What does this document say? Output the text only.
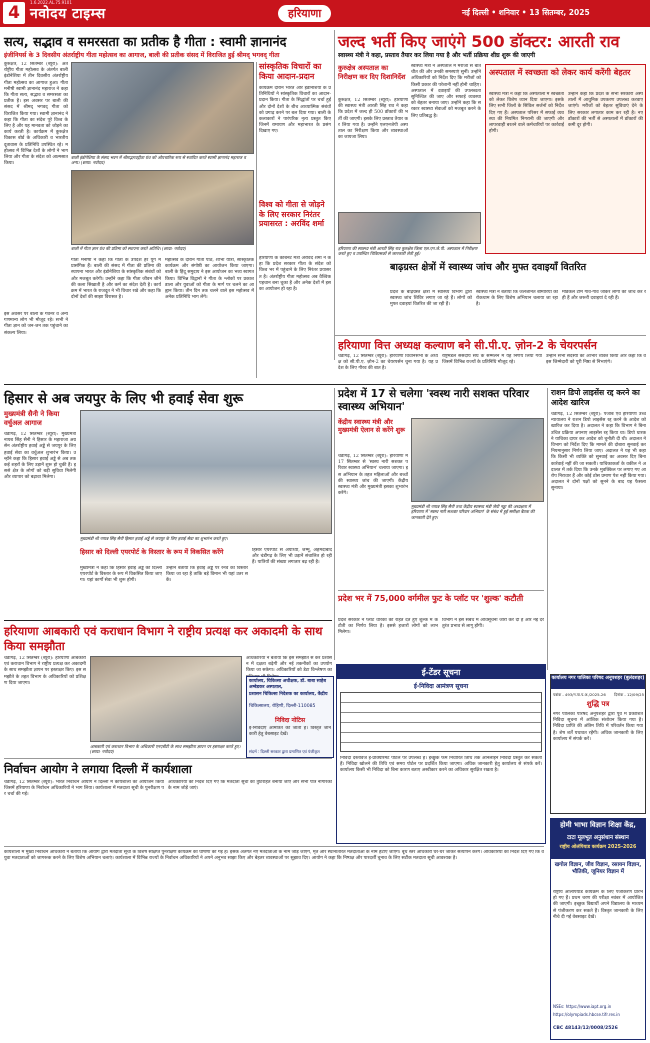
4 नवोदय टाइम्स
1.6.2022.AL.75.9101
हरियाणा	नई दिल्ली • शनिवार • 13 सितम्बर, 2025
सत्य, सद्भाव व समरसता का प्रतीक है गीता : स्वामी ज्ञानानंद
इंजीनियर्स के 3 दिवसीय अंतर्राष्ट्रीय गीता महोत्सव का आगाज, बाली की प्रतीक संसद में विराजित हुई श्रीमद् भगवद् गीता
कुरुक्षेत्र, 12 सितम्बर (ब्यूरो): अंतर्राष्ट्रीय गीता महोत्सव के अंतर्गत बाली इंडोनेशिया में तीन दिवसीय अंतर्राष्ट्रीय गीता महोत्सव का आगाज हुआ। गीता मनीषी स्वामी ज्ञानानंद महाराज ने कहा कि गीता सत्य, सद्भाव व समरसता का प्रतीक है। इस अवसर पर बाली की संसद में श्रीमद् भगवद् गीता को विराजित किया गया। स्वामी ज्ञानानंद ने कहा कि गीता का संदेश पूरे विश्व के लिए है और यह मानवता को जोड़ने का कार्य करती है। कार्यक्रम में कुरुक्षेत्र विकास बोर्ड के अधिकारी व भारतीय दूतावास के प्रतिनिधि उपस्थित रहे। महोत्सव में विभिन्न देशों के लोगों ने भाग लिया और गीता के संदेश को आत्मसात किया।
बाली इंडोनेशिया के संसद भवन में श्रीमद्भगवद्गीता ग्रंथ को ओपचारिक रूप से स्थापित करते स्वामी ज्ञानानंद महाराज व अन्य। (छाया: नवोदय)
बाली में गीता ज्ञान ग्रंथ की प्रतिमा को स्थापना करते अतिथि। (छाया: नवोदय)
गीता मनीषी ने कहा कि गीता के उपदेश हर युग में प्रासंगिक हैं। बाली की संसद में गीता की प्रतिमा की स्थापना भारत और इंडोनेशिया के सांस्कृतिक संबंधों को और मजबूत करेगी। उन्होंने कहा कि गीता जीवन जीने की कला सिखाती है और कर्म का संदेश देती है। कार्यक्रम में भारत के राजदूत ने भी विचार रखे और कहा कि दोनों देशों की साझा विरासत है।
महोत्सव के दौरान गीता पाठ, शोभा यात्रा, सांस्कृतिक कार्यक्रम और संगोष्ठी का आयोजन किया जाएगा। बाली के हिंदू समुदाय ने इस आयोजन का भव्य स्वागत किया। विभिन्न विद्वानों ने गीता के श्लोकों पर प्रकाश डाला और युवाओं को गीता के मार्ग पर चलने का आह्वान किया। तीन दिन तक चलने वाले इस महोत्सव में अनेक प्रतिनिधि भाग लेंगे।
इस अवसर पर बाली के गवर्नर व अन्य गणमान्य लोग भी मौजूद रहे। सभी ने गीता ज्ञान को जन-जन तक पहुंचाने का संकल्प लिया।
सांस्कृतिक विचारों का किया आदान-प्रदान
कार्यक्रम दौरान भारत और इंडोनेशिया के प्रतिनिधियों ने सांस्कृतिक विचारों का आदान-प्रदान किया। गीता के सिद्धांतों पर चर्चा हुई और दोनों देशों के बीच आध्यात्मिक संबंधों को प्रगाढ़ करने पर बल दिया गया। बाली के कलाकारों ने पारंपरिक नृत्य प्रस्तुत किए जिनमें रामायण और महाभारत के प्रसंग दिखाए गए।
विश्व को गीता से जोड़ने के लिए सरकार निरंतर प्रयासरत : अरविंद शर्मा
हरियाणा के कैबिनेट मंत्री अरविंद शर्मा ने कहा कि प्रदेश सरकार गीता के संदेश को विश्व भर में पहुंचाने के लिए निरंतर प्रयासरत है। अंतर्राष्ट्रीय गीता महोत्सव अब वैश्विक पहचान बना चुका है और अनेक देशों में इसका आयोजन हो रहा है।
जल्द भर्ती किए जाएंगे 500 डॉक्टर: आरती राव
स्वास्थ्य मंत्री ने कहा, प्रस्ताव तैयार कर लिया गया है और भर्ती प्रक्रिया शीघ्र शुरू की जाएगी
कुरुक्षेत्र अस्पताल का निरीक्षण कर दिए दिशानिर्देश
कुरुक्षेत्र, 12 सितम्बर (ब्यूरो): हरियाणा की स्वास्थ्य मंत्री आरती सिंह राव ने कहा कि प्रदेश में जल्द ही 500 डॉक्टरों की भर्ती की जाएगी। इसके लिए प्रस्ताव तैयार कर लिया गया है। उन्होंने एलएनजेपी अस्पताल का निरीक्षण किया और व्यवस्थाओं का जायजा लिया।
स्वास्थ्य मंत्री ने अस्पताल में मरीजों से बातचीत की और उनकी समस्याएं सुनीं। उन्होंने अधिकारियों को निर्देश दिए कि मरीजों को किसी प्रकार की परेशानी नहीं होनी चाहिए। अस्पताल में दवाइयों की उपलब्धता सुनिश्चित की जाए और सफाई व्यवस्था को बेहतर बनाया जाए। उन्होंने कहा कि सरकार स्वास्थ्य सेवाओं को मजबूत करने के लिए प्रतिबद्ध है।
हरियाणा की स्वास्थ्य मंत्री आरती सिंह राव कुरुक्षेत्र जिला एल.एन.जे.पी. अस्पताल में निरीक्षण करते हुए व उपस्थित चिकित्सकों से जानकारी लेती हुई।
अस्पताल में स्वच्छता को लेकर कार्य करेंगी बेहतर
स्वास्थ्य मंत्री ने कहा कि अस्पतालों में स्वच्छता को लेकर विशेष ध्यान दिया जाएगा। इसके लिए सभी जिलों के सिविल सर्जनों को निर्देश दिए गए हैं। अस्पताल परिसर में सफाई व्यवस्था की नियमित निगरानी की जाएगी और लापरवाही बरतने वाले कर्मचारियों पर कार्रवाई होगी।
उन्होंने कहा कि प्रदेश के सभी सरकारी अस्पतालों में आधुनिक उपकरण उपलब्ध करवाए जाएंगे। मरीजों को बेहतर सुविधाएं देने के लिए सरकार लगातार काम कर रही है। नए डॉक्टरों की भर्ती से अस्पतालों में डॉक्टरों की कमी दूर होगी।
बाढ़ग्रस्त क्षेत्रों में स्वास्थ्य जांच और मुफ्त दवाइयाँ वितरित
प्रदेश के बाढ़ग्रस्त क्षेत्रों में स्वास्थ्य विभाग द्वारा स्वास्थ्य जांच शिविर लगाए जा रहे हैं। लोगों को मुफ्त दवाइयां वितरित की जा रही हैं।
स्वास्थ्य मंत्री ने बताया कि जलजनित बीमारियों की रोकथाम के लिए विशेष अभियान चलाया जा रहा है।
मेडिकल टीमें गांव-गांव जाकर लोगों की जांच कर रही हैं और जरूरी दवाइयां दे रही हैं।
हरियाणा वित्त अध्यक्ष कल्याण बने सी.पी.ए. ज़ोन-2 के चेयरपर्सन
चंडीगढ़, 12 सितम्बर (ब्यूरो): हरियाणा विधानसभा के अध्यक्ष को सी.पी.ए. ज़ोन-2 का चेयरपर्सन चुना गया है। यह प्रदेश के लिए गौरव की बात है।
राष्ट्रमंडल संसदीय संघ के सम्मेलन में यह निर्णय लिया गया जिसमें विभिन्न राज्यों के प्रतिनिधि मौजूद रहे।
उन्होंने सभी सदस्यों का आभार व्यक्त किया और कहा कि वे इस जिम्मेदारी को पूरी निष्ठा से निभाएंगे।
हिसार से अब जयपुर के लिए भी हवाई सेवा शुरू
मुख्यमंत्री सैनी ने किया वर्चुअल आगाज
चंडीगढ़, 12 सितम्बर (ब्यूरो): मुख्यमंत्री नायब सिंह सैनी ने हिसार के महाराजा अग्रसेन अंतर्राष्ट्रीय हवाई अड्डे से जयपुर के लिए हवाई सेवा का वर्चुअल शुभारंभ किया। उन्होंने कहा कि हिसार हवाई अड्डे से अब तक कई शहरों के लिए उड़ानें शुरू हो चुकी हैं। इससे क्षेत्र के लोगों को बड़ी सुविधा मिलेगी और व्यापार को बढ़ावा मिलेगा।
मुख्यमंत्री श्री नायब सिंह सैनी हिसार हवाई अड्डे से जयपुर के लिए हवाई सेवा का शुभारंभ करते हुए।
हिसार को दिल्ली एयरपोर्ट के विस्तार के रूप में विकसित करेंगे
मुख्यमंत्री ने कहा कि हिसार हवाई अड्डे को दिल्ली एयरपोर्ट के विस्तार के रूप में विकसित किया जाएगा। यहां कार्गो सेवा भी शुरू होगी।
उन्होंने बताया कि हवाई अड्डे पर रनवे का विस्तार किया जा रहा है ताकि बड़े विमान भी यहां उतर सकें।
हिसार एयरपोर्ट से अयोध्या, जम्मू, अहमदाबाद और चंडीगढ़ के लिए भी उड़ानें संचालित हो रही हैं। यात्रियों की संख्या लगातार बढ़ रही है।
प्रदेश में 17 से चलेगा 'स्वस्थ नारी सशक्त परिवार स्वास्थ्य अभियान'
केंद्रीय स्वास्थ्य मंत्री और मुख्यमंत्री ऐलान से करेंगे शुरू
चंडीगढ़, 12 सितम्बर (ब्यूरो): हरियाणा में 17 सितम्बर से 'स्वस्थ नारी सशक्त परिवार स्वास्थ्य अभियान' चलाया जाएगा। इस अभियान के तहत महिलाओं और बच्चों की स्वास्थ्य जांच की जाएगी। केंद्रीय स्वास्थ्य मंत्री और मुख्यमंत्री इसका शुभारंभ करेंगे।
मुख्यमंत्री श्री नायब सिंह सैनी तथा केंद्रीय स्वास्थ्य मंत्री जेपी नड्डा की अध्यक्षता में हरियाणा में 'स्वस्थ नारी सशक्त परिवार अभियान' के संबंध में हुई समीक्षा बैठक की जानकारी देते हुए।
राशन डिपो लाइसेंस रद्द करने का आदेश खारिज
चंडीगढ़, 12 सितम्बर (ब्यूरो): पंजाब एवं हरियाणा उच्च न्यायालय ने राशन डिपो लाइसेंस रद्द करने के आदेश को खारिज कर दिया है। अदालत ने कहा कि विभाग ने बिना उचित प्रक्रिया अपनाए लाइसेंस रद्द किया था। डिपो धारक ने याचिका दायर कर आदेश को चुनौती दी थी। अदालत ने विभाग को निर्देश दिए कि मामले की दोबारा सुनवाई कर नियमानुसार निर्णय लिया जाए। अदालत ने यह भी कहा कि किसी भी व्यक्ति को सुनवाई का अवसर दिए बिना कार्रवाई नहीं की जा सकती। याचिकाकर्ता के वकील ने अदालत में तर्क दिया कि उनके मुवक्किल पर लगाए गए आरोप निराधार हैं और कोई ठोस प्रमाण पेश नहीं किया गया। अदालत ने दोनों पक्षों को सुनने के बाद यह फैसला सुनाया।
प्रदेश भर में 75,000 वर्गमील फुट के प्लॉट पर 'शुल्क' कटौती
प्रदेश सरकार ने प्लॉट धारकों को राहत देते हुए शुल्क में कटौती का निर्णय लिया है। इससे हजारों लोगों को लाभ मिलेगा।
विभाग ने इस संबंध में अधिसूचना जारी कर दी है और नई दरें तुरंत प्रभाव से लागू होंगी।
हरियाणा आबकारी एवं कराधान विभाग ने राष्ट्रीय प्रत्यक्ष कर अकादमी के साथ किया समझौता
चंडीगढ़, 12 सितम्बर (ब्यूरो): हरियाणा आबकारी एवं कराधान विभाग ने राष्ट्रीय प्रत्यक्ष कर अकादमी के साथ समझौता ज्ञापन पर हस्ताक्षर किए। इस समझौते के तहत विभाग के अधिकारियों को प्रशिक्षण दिया जाएगा।
आबकारी एवं कराधान विभाग के अधिकारी एनएडीटी के साथ समझौता ज्ञापन पर हस्ताक्षर करते हुए। (छाया: नवोदय)
अधिकारियों ने बताया कि इस समझौते से कर प्रशासन में दक्षता बढ़ेगी और नई तकनीकों का उपयोग किया जा सकेगा। अधिकारियों को डेटा विश्लेषण का
निर्वाचन आयोग ने लगाया दिल्ली में कार्यशाला
चंडीगढ़, 12 सितम्बर (ब्यूरो): भारत निर्वाचन आयोग ने दिल्ली में कार्यशाला का आयोजन किया जिसमें हरियाणा के निर्वाचन अधिकारियों ने भाग लिया। कार्यशाला में मतदाता सूची के पुनरीक्षण पर चर्चा की गई।
अधिकारियों को निर्देश दिए गए कि मतदाता सूची को त्रुटिरहित बनाया जाए और सभी पात्र नागरिकों के नाम जोड़े जाएं।
कार्यालय, चिकित्सा अधीक्षक, डॉ. बाबा साहेब अम्बेडकर अस्पताल,
प्रशासन चिकित्सा निदेशक का कार्यालय, केंद्रीय
चिकित्सालय, रोहिणी, दिल्ली-110085
निविदा नोटिस
ई-निविदाएं आमंत्रित की जाती हैं। विस्तृत जानकारी हेतु वेबसाइट देखें।
संदर्भ : दिल्ली सरकार द्वारा प्रमाणित एवं पंजीकृत
ई-टेंडर सूचना
ई-निविदा आमंत्रण सूचना
निविदा दस्तावेज ई-प्रोक्योरमेंट पोर्टल पर उपलब्ध हैं। इच्छुक फर्में निर्धारित तिथि तक ऑनलाइन निविदा प्रस्तुत कर सकती हैं। निविदा खोलने की तिथि एवं समय पोर्टल पर प्रदर्शित किया जाएगा। अधिक जानकारी हेतु कार्यालय से संपर्क करें। कार्यालय किसी भी निविदा को बिना कारण बताए अस्वीकार करने का अधिकार सुरक्षित रखता है।
कार्यालय नगर पालिका परिषद अनूपशहर (बुलंदशहर)
पत्रांक - 493/न.पा.प.अ./2025-26	दिनांक - 12/09/25
शुद्धि पत्र
नगर पालिका परिषद अनूपशहर द्वारा पूर्व में प्रकाशित निविदा सूचना में आंशिक संशोधन किया गया है। निविदा प्राप्ति की अंतिम तिथि में परिवर्तन किया गया है। शेष शर्तें यथावत रहेंगी। अधिक जानकारी के लिए कार्यालय में संपर्क करें।
होमी भाभा विज्ञान शिक्षा केंद्र,
टाटा मूलभूत अनुसंधान संस्थान
राष्ट्रीय ओलंपियाड कार्यक्रम 2025-2026
खगोल विज्ञान, जीव विज्ञान, रसायन विज्ञान, भौतिकी, जूनियर विज्ञान में
राष्ट्रीय ओलंपियाड कार्यक्रम के लिए पंजीकरण प्रारंभ हो गए हैं। प्रथम चरण की परीक्षा नवंबर में आयोजित की जाएगी। इच्छुक विद्यार्थी अपने विद्यालय के माध्यम से पंजीकरण कर सकते हैं। विस्तृत जानकारी के लिए नीचे दी गई वेबसाइट देखें।
NSEs: https://www.iapt.org.in
https://olympiads.hbcse.tifr.res.in
CBC 48143/12/0008/2526
कार्यशाला में मुख्य निर्वाचन अधिकारी ने बताया कि आयोग द्वारा मतदाता सूची के विशेष संक्षिप्त पुनरीक्षण कार्यक्रम की घोषणा की गई है। इसके अंतर्गत नए मतदाताओं के नाम जोड़े जाएंगे, मृत और स्थानांतरित मतदाताओं के नाम हटाए जाएंगे। बूथ स्तर अधिकारी घर-घर जाकर सत्यापन करेंगे। अधिकारियों को निर्देश दिए गए कि वे युवा मतदाताओं को जागरूक करने के लिए विशेष अभियान चलाएं। कार्यशाला में विभिन्न राज्यों के निर्वाचन अधिकारियों ने अपने अनुभव साझा किए और बेहतर व्यवस्थाओं पर सुझाव दिए। आयोग ने कहा कि निष्पक्ष और पारदर्शी चुनाव के लिए सटीक मतदाता सूची आवश्यक है।
